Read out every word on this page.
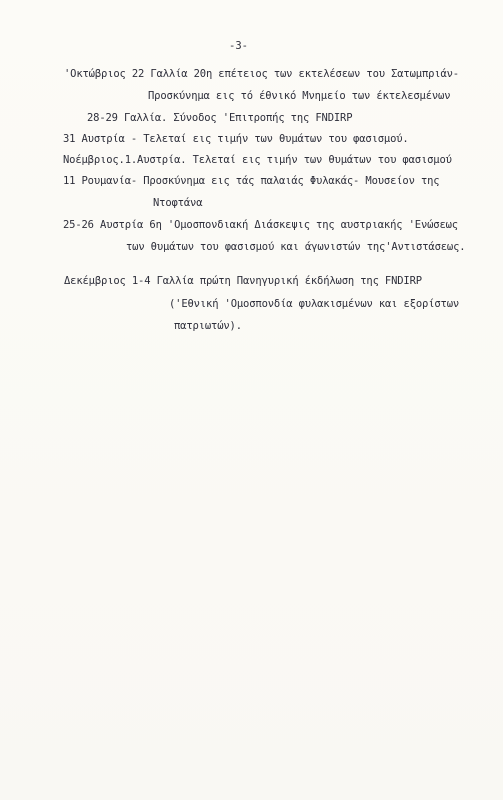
-3-
'Οκτώβριος 22 Γαλλία 20η επέτειος των εκτελέσεων του Σατωμπριάν-
Προσκύνημα εις τό έθνικό Μνημείο των έκτελεσμένων
28-29 Γαλλία. Σύνοδος 'Επιτροπής της FNDIRP
31 Αυστρία - Τελεταί εις τιμήν των θυμάτων του φασισμού.
Νοέμβριος.1.Αυστρία. Τελεταί εις τιμήν των θυμάτων του φασισμού
11 Ρουμανία- Προσκύνημα εις τάς παλαιάς Φυλακάς- Μουσείον της
Ντοφτάνα
25-26 Αυστρία 6η 'Ομοσπονδιακή Διάσκεψις της αυστριακής 'Ενώσεως
των θυμάτων του φασισμού και άγωνιστών της'Αντιστάσεως.
Δεκέμβριος 1-4 Γαλλία πρώτη Πανηγυρική έκδήλωση της FNDIRP
('Εθνική 'Ομοσπονδία φυλακισμένων και εξορίστων
πατριωτών).
